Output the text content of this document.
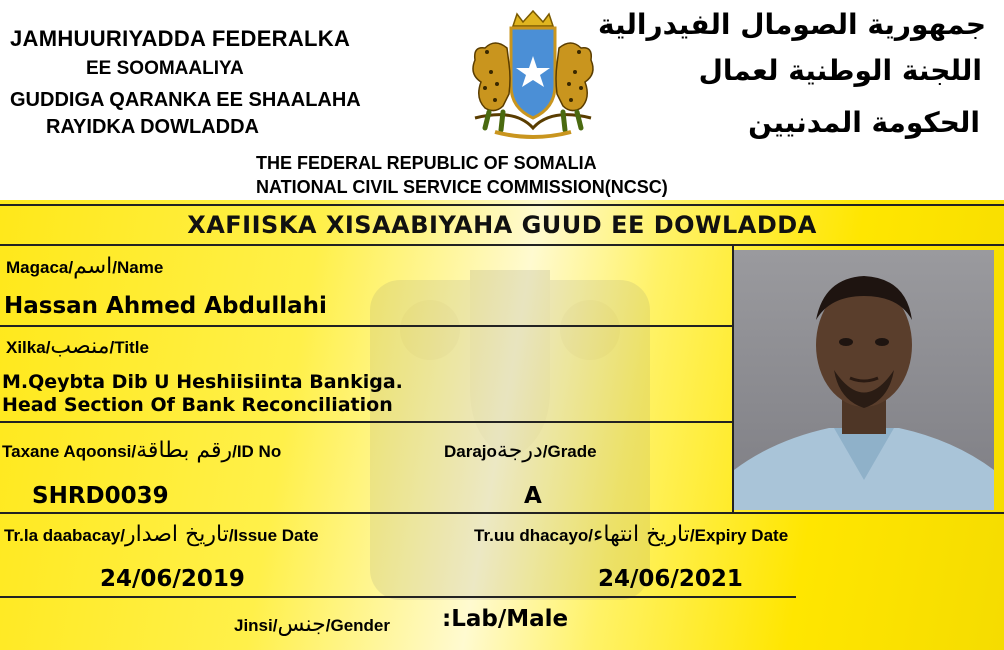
JAMHUURIYADDA FEDERALKA
EE SOOMAALIYA
GUDDIGA QARANKA EE SHAALAHA
RAYIDKA DOWLADDA
جمهورية الصومال الفيدرالية
اللجنة الوطنية لعمال
الحكومة المدنيين
THE FEDERAL REPUBLIC OF SOMALIA
NATIONAL CIVIL SERVICE COMMISSION(NCSC)
XAFIISKA XISAABIYAHA GUUD EE DOWLADDA
Magaca/اسم/Name
Hassan Ahmed Abdullahi
Xilka/منصب/Title
M.Qeybta Dib U Heshiisiinta Bankiga.
Head Section Of Bank Reconciliation
Taxane Aqoonsi/رقم بطاقة/ID No
SHRD0039
Darajoدرجة/Grade
A
Tr.la daabacay/تاريخ اصدار/Issue Date
24/06/2019
Tr.uu dhacayo/تاريخ انتهاء/Expiry Date
24/06/2021
Jinsi/جنس/Gender :Lab/Male
